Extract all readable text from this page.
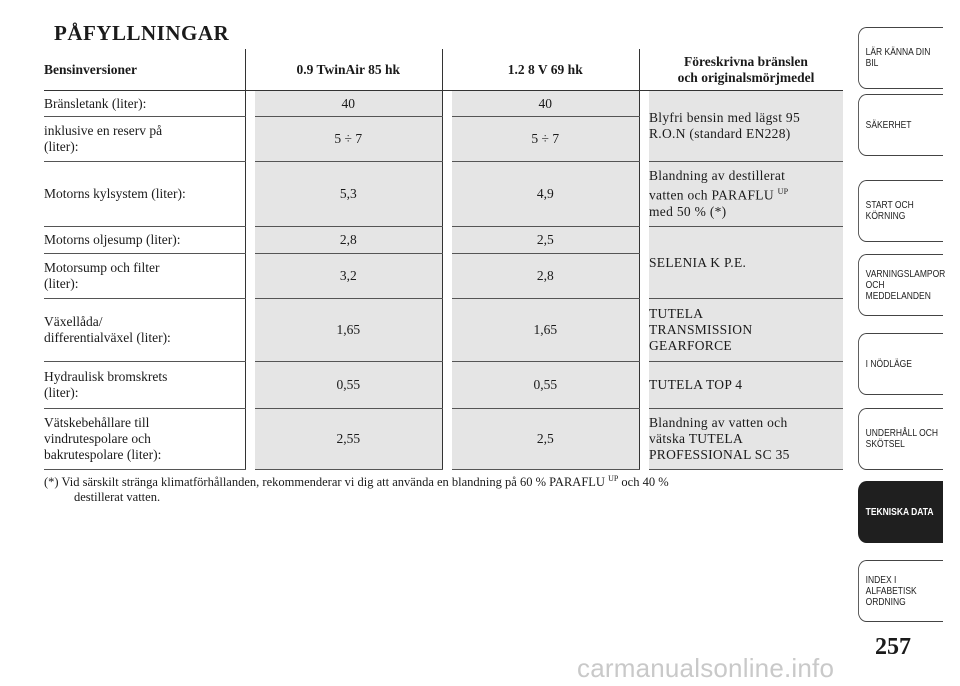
PÅFYLLNINGAR
Bensinversioner		0.9 TwinAir 85 hk		1.2 8 V 69 hk		Föreskrivna bränslen
och originalsmörjmedel
Bränsletank (liter):		40		40		Blyfri bensin med lägst 95
R.O.N (standard EN228)
inklusive en reserv på
(liter):		5 ÷ 7		5 ÷ 7		
Motorns kylsystem (liter):		5,3		4,9		Blandning av destillerat
vatten och PARAFLU $^{UP}$
med 50 % (*)
Motorns oljesump (liter):		2,8		2,5		SELENIA K P.E.
Motorsump och filter
(liter):		3,2		2,8		
Växellåda/
differentialväxel (liter):		1,65		1,65		TUTELA
TRANSMISSION
GEARFORCE
Hydraulisk bromskrets
(liter):		0,55		0,55		TUTELA TOP 4
Vätskebehållare till
vindrutespolare och
bakrutespolare (liter):		2,55		2,5		Blandning av vatten och
vätska TUTELA
PROFESSIONAL SC 35
(*) Vid särskilt stränga klimatförhållanden, rekommenderar vi dig att använda en blandning på 60 % PARAFLU $^{UP}$ och 40 %
destillerat vatten.
LÄR KÄNNA DIN
BIL
SÄKERHET
START OCH
KÖRNING
VARNINGSLAMPOR
OCH
MEDDELANDEN
I NÖDLÄGE
UNDERHÅLL OCH
SKÖTSEL
TEKNISKA DATA
INDEX I
ALFABETISK
ORDNING
257
carmanualsonline.info
